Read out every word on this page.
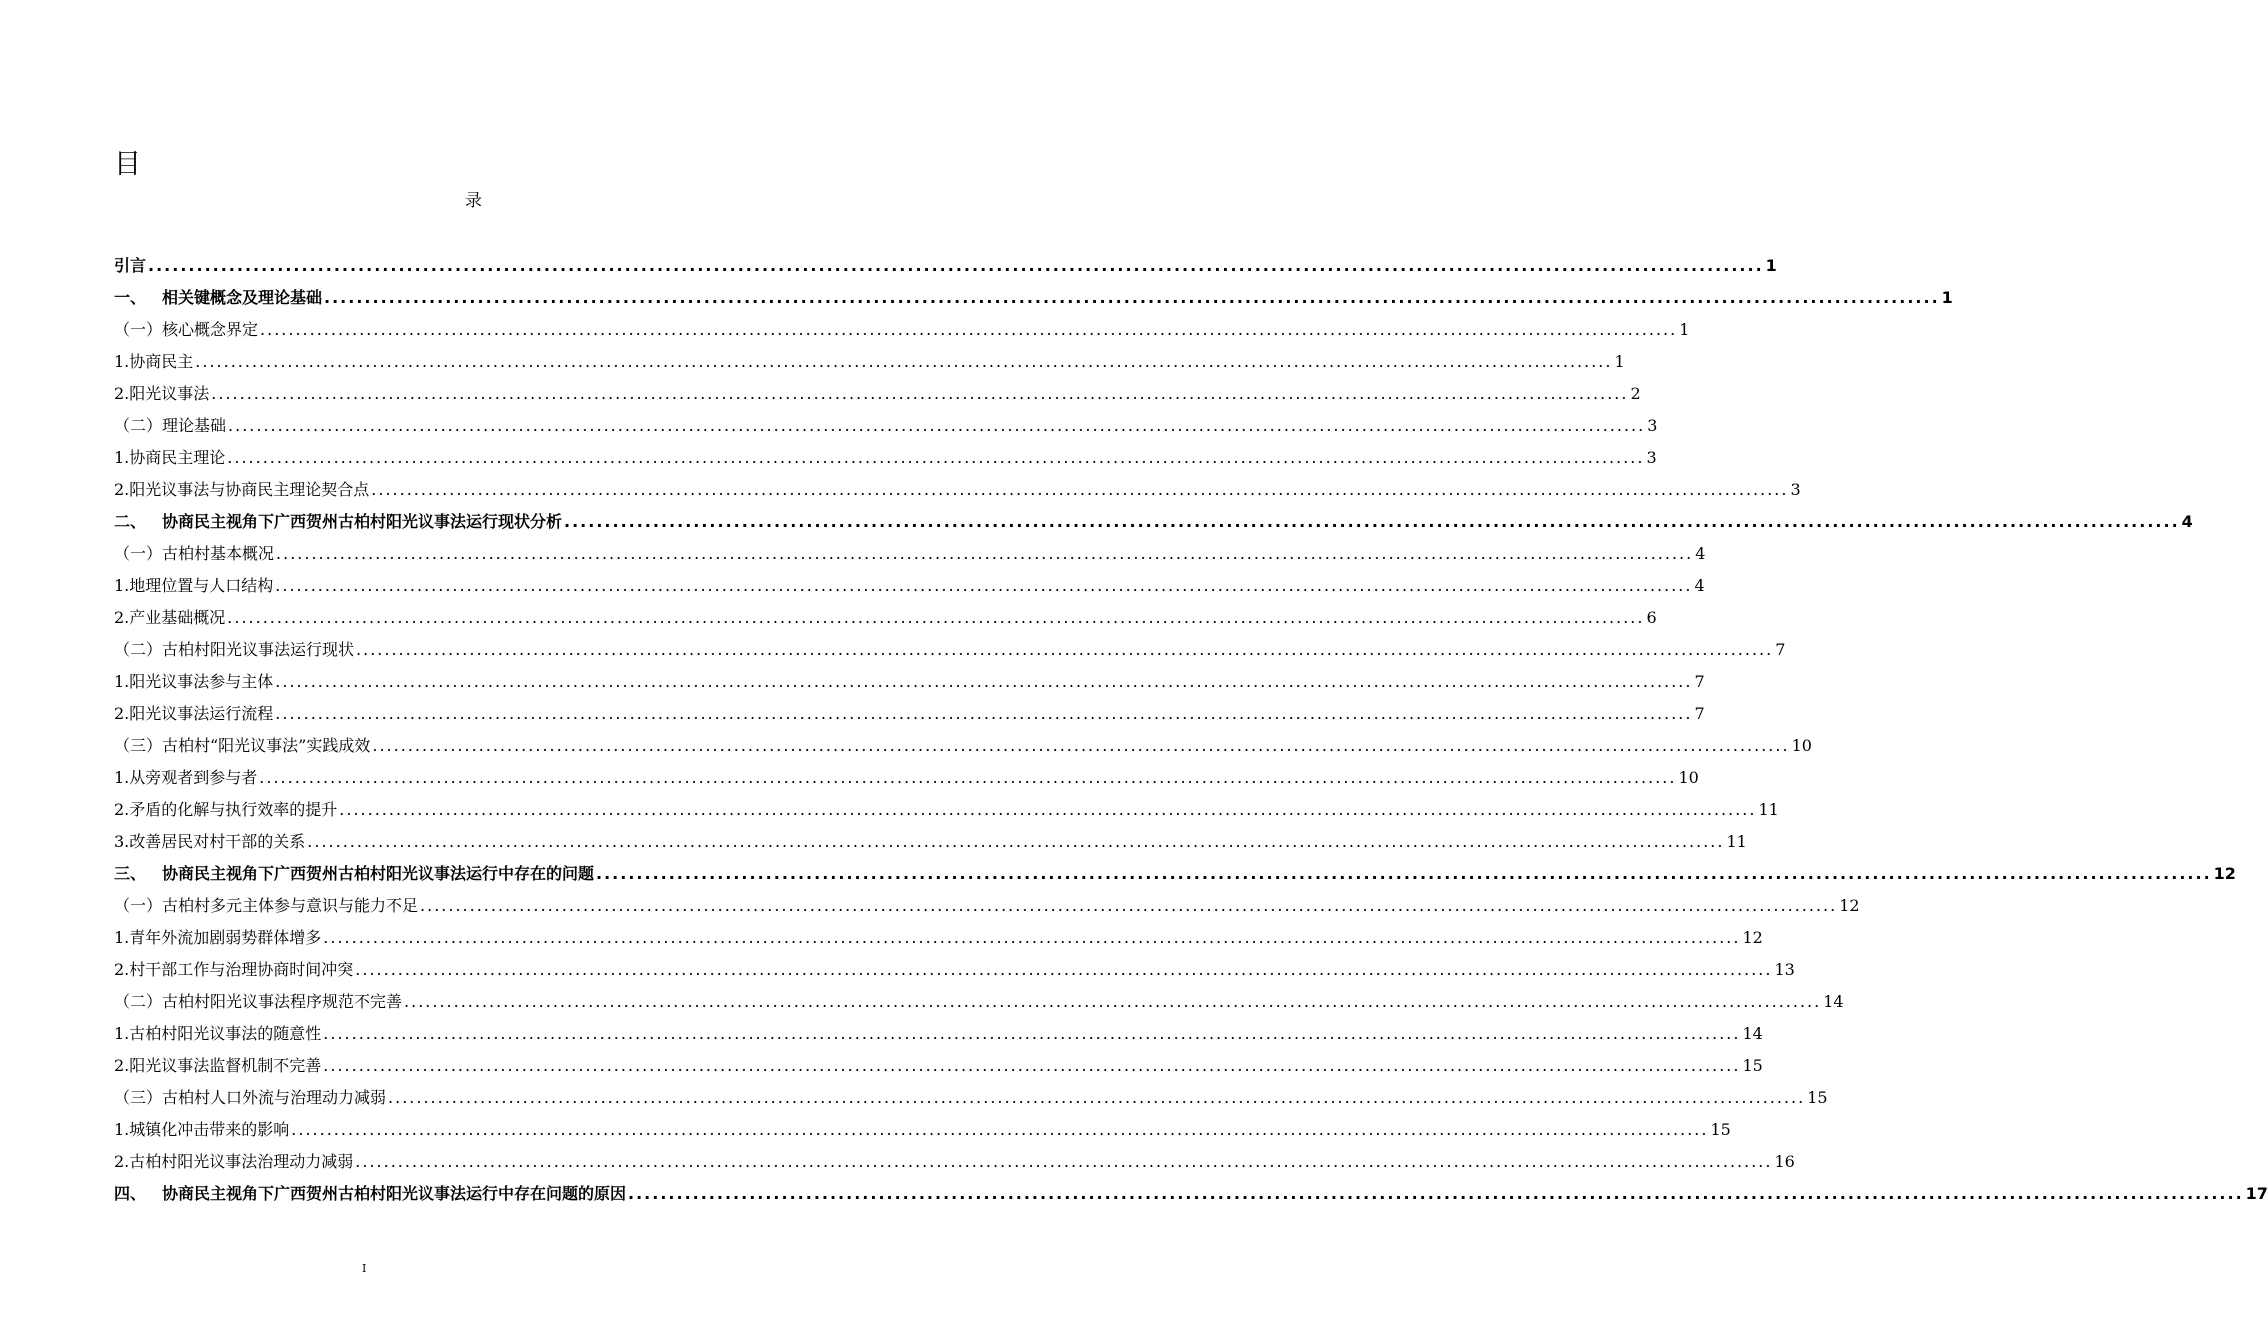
目
录
引言 ........................................................................................................................................................................................................ 1
一、 相关键概念及理论基础 ........................................................................................................................................................................................................ 1
（一）核心概念界定 ........................................................................................................................................................................................................ 1
1.协商民主 ........................................................................................................................................................................................................ 1
2.阳光议事法 ........................................................................................................................................................................................................ 2
（二）理论基础 ........................................................................................................................................................................................................ 3
1.协商民主理论 ........................................................................................................................................................................................................ 3
2.阳光议事法与协商民主理论契合点 ........................................................................................................................................................................................................ 3
二、 协商民主视角下广西贺州古柏村阳光议事法运行现状分析 ........................................................................................................................................................................................................ 4
（一）古柏村基本概况 ........................................................................................................................................................................................................ 4
1.地理位置与人口结构 ........................................................................................................................................................................................................ 4
2.产业基础概况 ........................................................................................................................................................................................................ 6
（二）古柏村阳光议事法运行现状 ........................................................................................................................................................................................................ 7
1.阳光议事法参与主体 ........................................................................................................................................................................................................ 7
2.阳光议事法运行流程 ........................................................................................................................................................................................................ 7
（三）古柏村“阳光议事法”实践成效 ........................................................................................................................................................................................................ 10
1.从旁观者到参与者 ........................................................................................................................................................................................................ 10
2.矛盾的化解与执行效率的提升 ........................................................................................................................................................................................................ 11
3.改善居民对村干部的关系 ........................................................................................................................................................................................................ 11
三、 协商民主视角下广西贺州古柏村阳光议事法运行中存在的问题 ........................................................................................................................................................................................................ 12
（一）古柏村多元主体参与意识与能力不足 ........................................................................................................................................................................................................ 12
1.青年外流加剧弱势群体增多 ........................................................................................................................................................................................................ 12
2.村干部工作与治理协商时间冲突 ........................................................................................................................................................................................................ 13
（二）古柏村阳光议事法程序规范不完善 ........................................................................................................................................................................................................ 14
1.古柏村阳光议事法的随意性 ........................................................................................................................................................................................................ 14
2.阳光议事法监督机制不完善 ........................................................................................................................................................................................................ 15
（三）古柏村人口外流与治理动力减弱 ........................................................................................................................................................................................................ 15
1.城镇化冲击带来的影响 ........................................................................................................................................................................................................ 15
2.古柏村阳光议事法治理动力减弱 ........................................................................................................................................................................................................ 16
四、 协商民主视角下广西贺州古柏村阳光议事法运行中存在问题的原因 ........................................................................................................................................................................................................ 17
I
